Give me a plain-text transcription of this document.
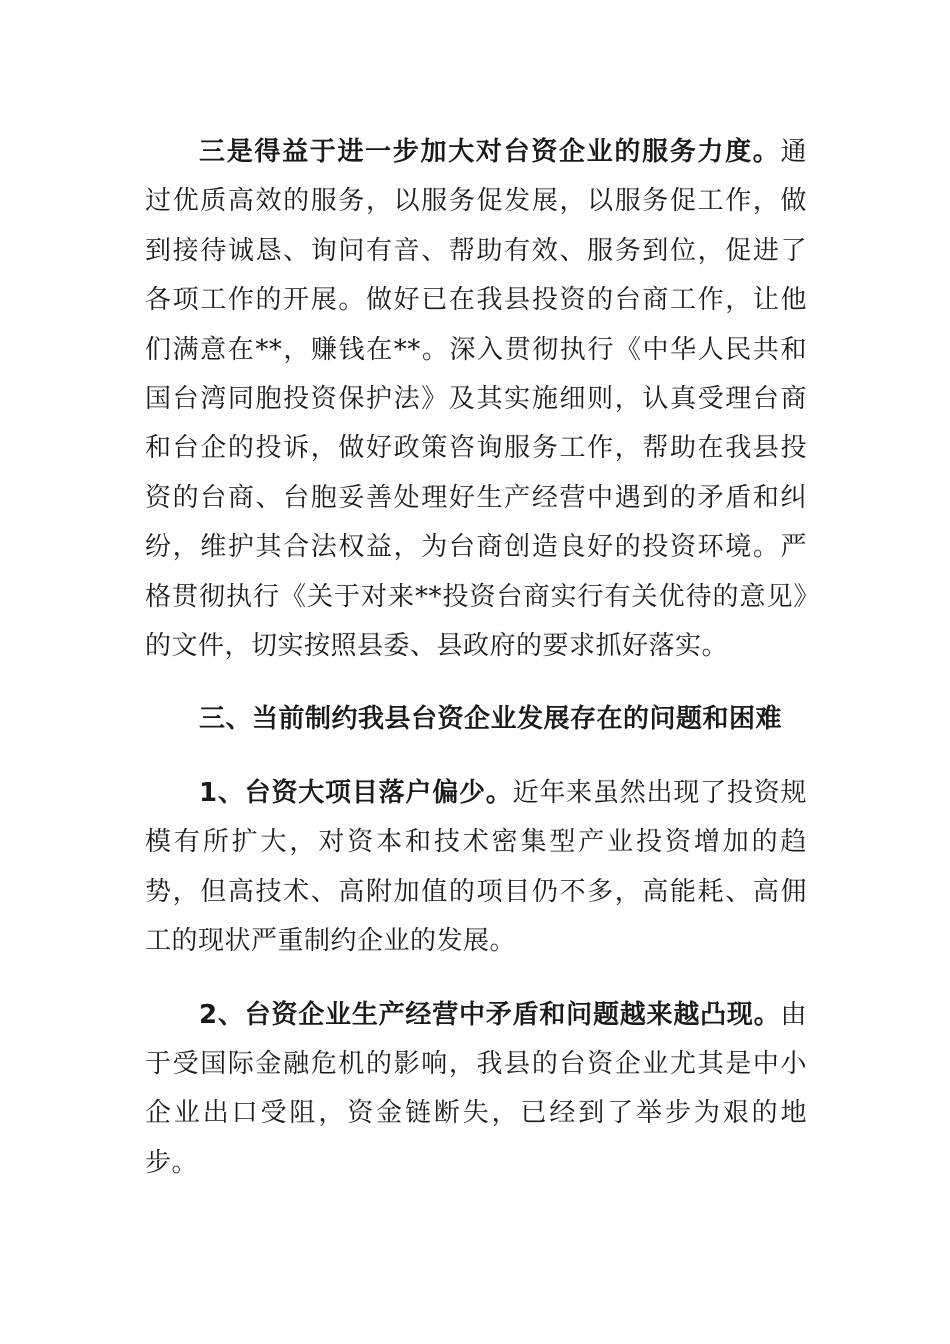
三是得益于进一步加大对台资企业的服务力度。通过优质高效的服务，以服务促发展，以服务促工作，做到接待诚恳、询问有音、帮助有效、服务到位，促进了各项工作的开展。做好已在我县投资的台商工作，让他们满意在**，赚钱在**。深入贯彻执行《中华人民共和国台湾同胞投资保护法》及其实施细则，认真受理台商和台企的投诉，做好政策咨询服务工作，帮助在我县投资的台商、台胞妥善处理好生产经营中遇到的矛盾和纠纷，维护其合法权益，为台商创造良好的投资环境。严格贯彻执行《关于对来**投资台商实行有关优待的意见》的文件，切实按照县委、县政府的要求抓好落实。

三、当前制约我县台资企业发展存在的问题和困难

1、台资大项目落户偏少。近年来虽然出现了投资规模有所扩大，对资本和技术密集型产业投资增加的趋势，但高技术、高附加值的项目仍不多，高能耗、高佣工的现状严重制约企业的发展。

2、台资企业生产经营中矛盾和问题越来越凸现。由于受国际金融危机的影响，我县的台资企业尤其是中小企业出口受阻，资金链断失，已经到了举步为艰的地步。
